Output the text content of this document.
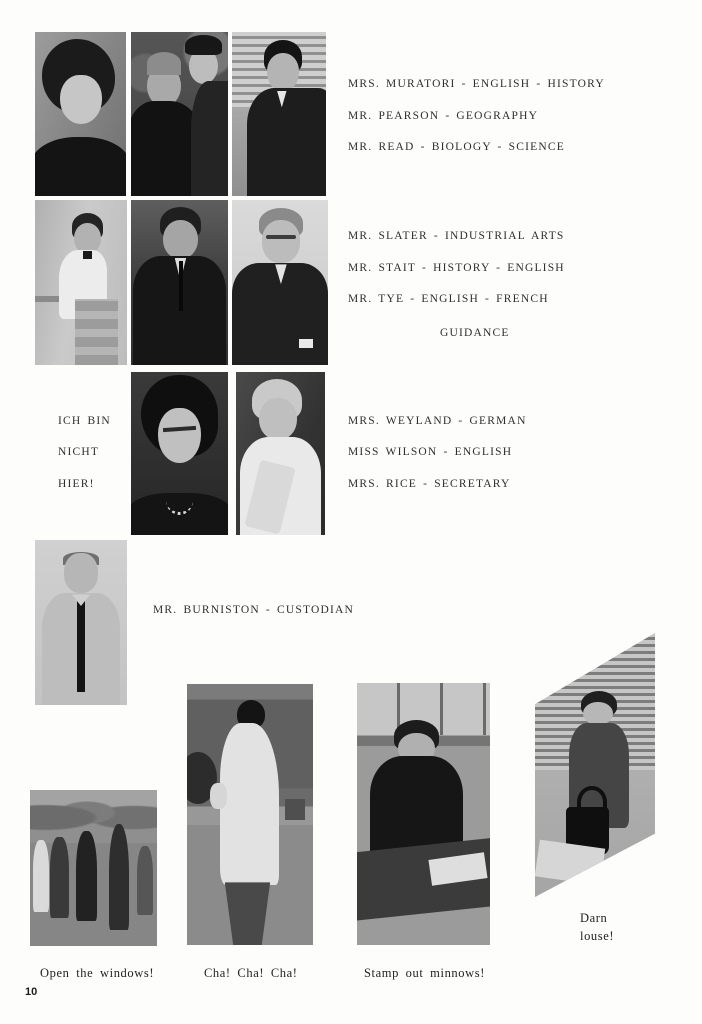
MRS. MURATORI - ENGLISH - HISTORY
MR. PEARSON - GEOGRAPHY
MR. READ - BIOLOGY - SCIENCE
MR. SLATER - INDUSTRIAL ARTS
MR. STAIT - HISTORY - ENGLISH
MR. TYE - ENGLISH - FRENCH
GUIDANCE
ICH BIN
NICHT
HIER!
MRS. WEYLAND - GERMAN
MISS WILSON - ENGLISH
MRS. RICE - SECRETARY
MR. BURNISTON - CUSTODIAN
Open the windows!	Cha! Cha! Cha!	Stamp out minnows!
Darn
louse!
10
